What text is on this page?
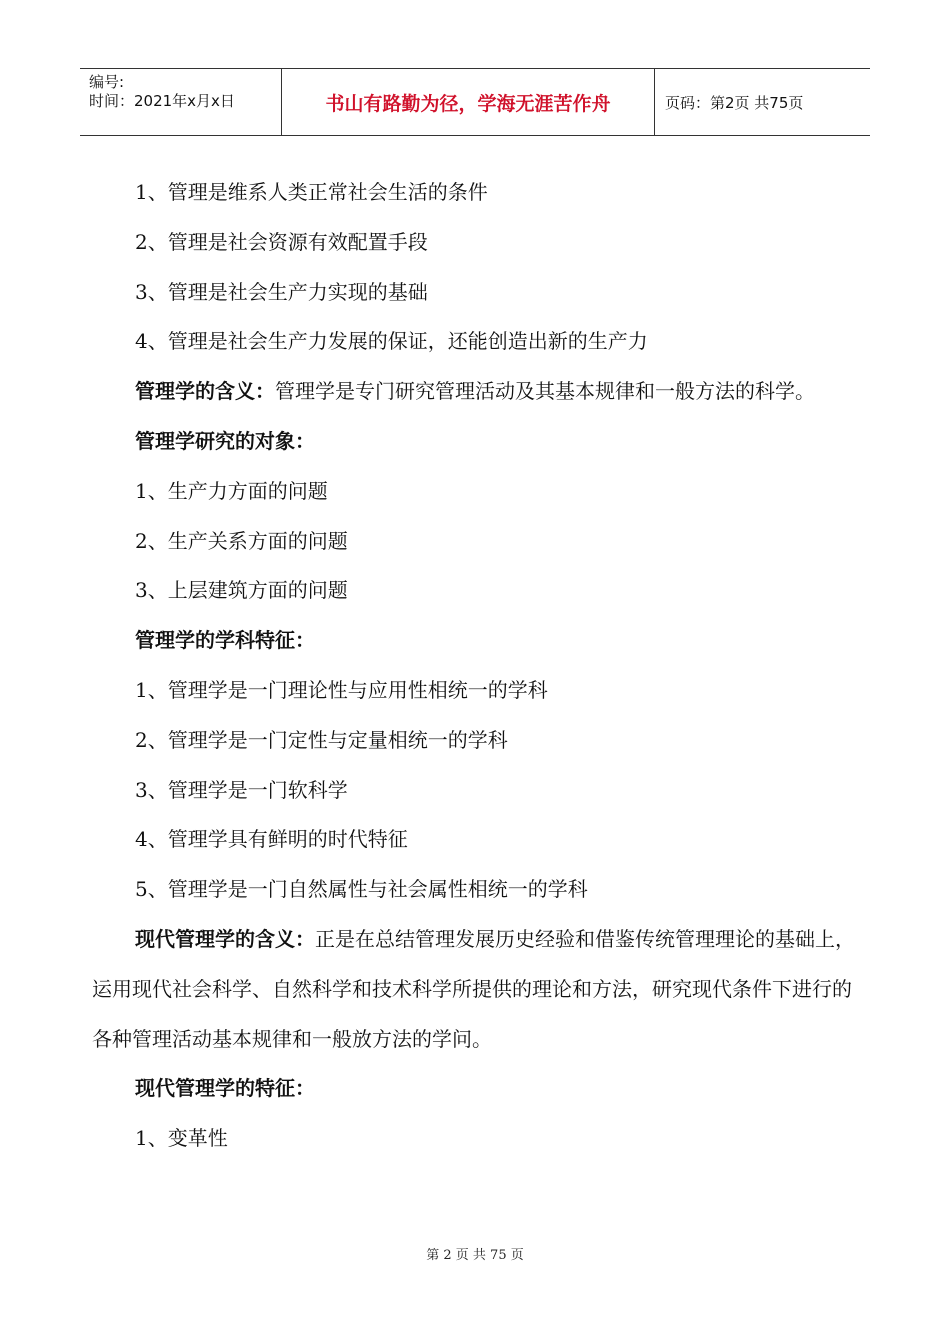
编号:
时间：2021年x月x日	书山有路勤为径，学海无涯苦作舟	页码：第2页 共75页

1、管理是维系人类正常社会生活的条件

2、管理是社会资源有效配置手段

3、管理是社会生产力实现的基础

4、管理是社会生产力发展的保证，还能创造出新的生产力

管理学的含义：管理学是专门研究管理活动及其基本规律和一般方法的科学。

管理学研究的对象：

1、生产力方面的问题

2、生产关系方面的问题

3、上层建筑方面的问题

管理学的学科特征：

1、管理学是一门理论性与应用性相统一的学科

2、管理学是一门定性与定量相统一的学科

3、管理学是一门软科学

4、管理学具有鲜明的时代特征

5、管理学是一门自然属性与社会属性相统一的学科

现代管理学的含义：正是在总结管理发展历史经验和借鉴传统管理理论的基础上，运用现代社会科学、自然科学和技术科学所提供的理论和方法，研究现代条件下进行的各种管理活动基本规律和一般放方法的学问。

现代管理学的特征：

1、变革性

第 2 页 共 75 页
